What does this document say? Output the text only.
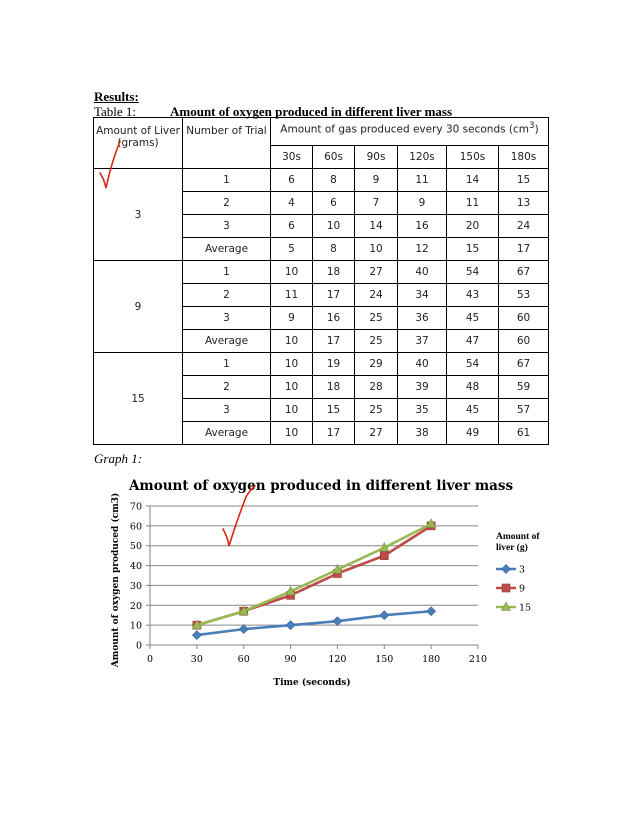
Results:
Table 1:	Amount of oxygen produced in different liver mass
Amount of Liver (grams)	Number of Trial	Amount of gas produced every 30 seconds $(cm^3)$					
		30s	60s	90s	120s	150s	180s
3	1	6	8	9	11	14	15
	2	4	6	7	9	11	13
	3	6	10	14	16	20	24
	Average	5	8	10	12	15	17
9	1	10	18	27	40	54	67
	2	11	17	24	34	43	53
	3	9	16	25	36	45	60
	Average	10	17	25	37	47	60
15	1	10	19	29	40	54	67
	2	10	18	28	39	48	59
	3	10	15	25	35	45	57
	Average	10	17	27	38	49	61
Graph 1:
Amount of oxygen produced in different liver mass
0
10
20
30
40
50
60
70
0	30	60	90	120	150	180	210
Time (seconds)
Amount of oxygen produced (cm3)	Amount of
liver (g)
3
9
15
